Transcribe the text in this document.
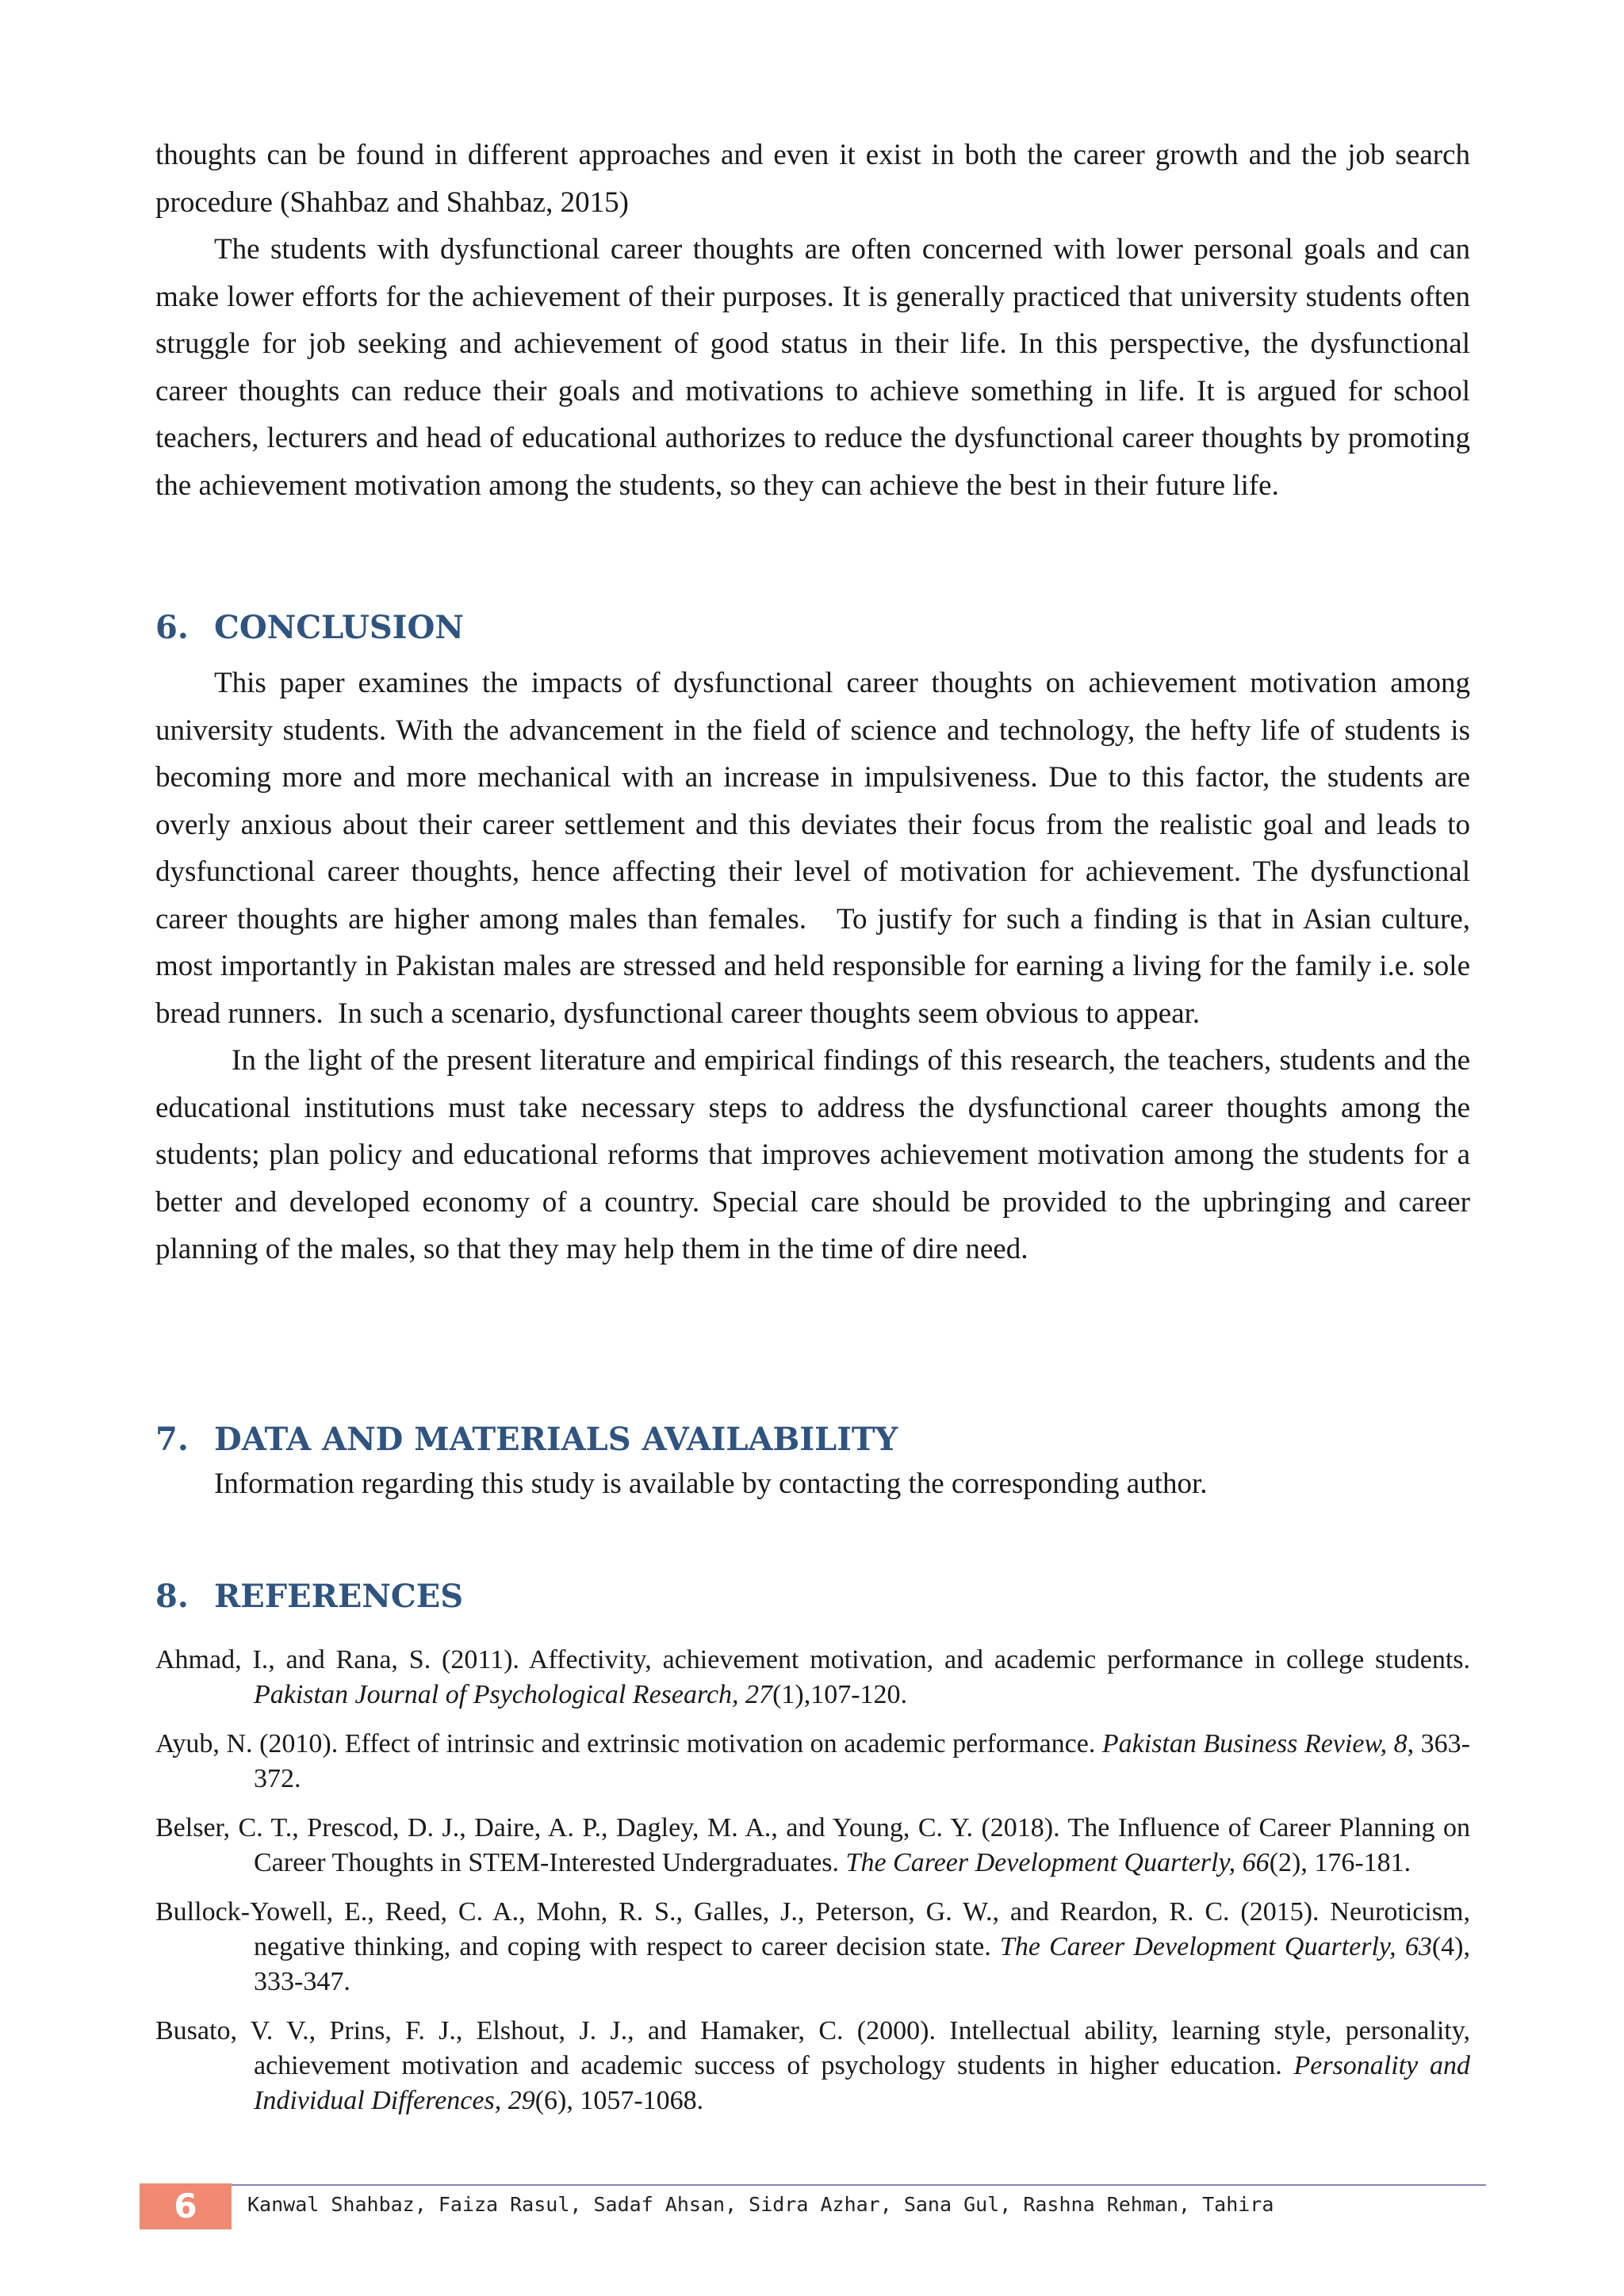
thoughts can be found in different approaches and even it exist in both the career growth and the job search procedure (Shahbaz and Shahbaz, 2015)

The students with dysfunctional career thoughts are often concerned with lower personal goals and can make lower efforts for the achievement of their purposes. It is generally practiced that university students often struggle for job seeking and achievement of good status in their life. In this perspective, the dysfunctional career thoughts can reduce their goals and motivations to achieve something in life. It is argued for school teachers, lecturers and head of educational authorizes to reduce the dysfunctional career thoughts by promoting the achievement motivation among the students, so they can achieve the best in their future life.

6. CONCLUSION

This paper examines the impacts of dysfunctional career thoughts on achievement motivation among university students. With the advancement in the field of science and technology, the hefty life of students is becoming more and more mechanical with an increase in impulsiveness. Due to this factor, the students are overly anxious about their career settlement and this deviates their focus from the realistic goal and leads to dysfunctional career thoughts, hence affecting their level of motivation for achievement. The dysfunctional career thoughts are higher among males than females.   To justify for such a finding is that in Asian culture, most importantly in Pakistan males are stressed and held responsible for earning a living for the family i.e. sole bread runners.  In such a scenario, dysfunctional career thoughts seem obvious to appear.

In the light of the present literature and empirical findings of this research, the teachers, students and the educational institutions must take necessary steps to address the dysfunctional career thoughts among the students; plan policy and educational reforms that improves achievement motivation among the students for a better and developed economy of a country. Special care should be provided to the upbringing and career planning of the males, so that they may help them in the time of dire need.

7. DATA AND MATERIALS AVAILABILITY

Information regarding this study is available by contacting the corresponding author.

8. REFERENCES

Ahmad, I., and Rana, S. (2011). Affectivity, achievement motivation, and academic performance in college students. Pakistan Journal of Psychological Research, 27(1),107-120.

Ayub, N. (2010). Effect of intrinsic and extrinsic motivation on academic performance. Pakistan Business Review, 8, 363-372.

Belser, C. T., Prescod, D. J., Daire, A. P., Dagley, M. A., and Young, C. Y. (2018). The Influence of Career Planning on Career Thoughts in STEM-Interested Undergraduates. The Career Development Quarterly, 66(2), 176-181.

Bullock-Yowell, E., Reed, C. A., Mohn, R. S., Galles, J., Peterson, G. W., and Reardon, R. C. (2015). Neuroticism, negative thinking, and coping with respect to career decision state. The Career Development Quarterly, 63(4), 333-347.

Busato, V. V., Prins, F. J., Elshout, J. J., and Hamaker, C. (2000). Intellectual ability, learning style, personality, achievement motivation and academic success of psychology students in higher education. Personality and Individual Differences, 29(6), 1057-1068.

6	Kanwal Shahbaz, Faiza Rasul, Sadaf Ahsan, Sidra Azhar, Sana Gul, Rashna Rehman, Tahira
